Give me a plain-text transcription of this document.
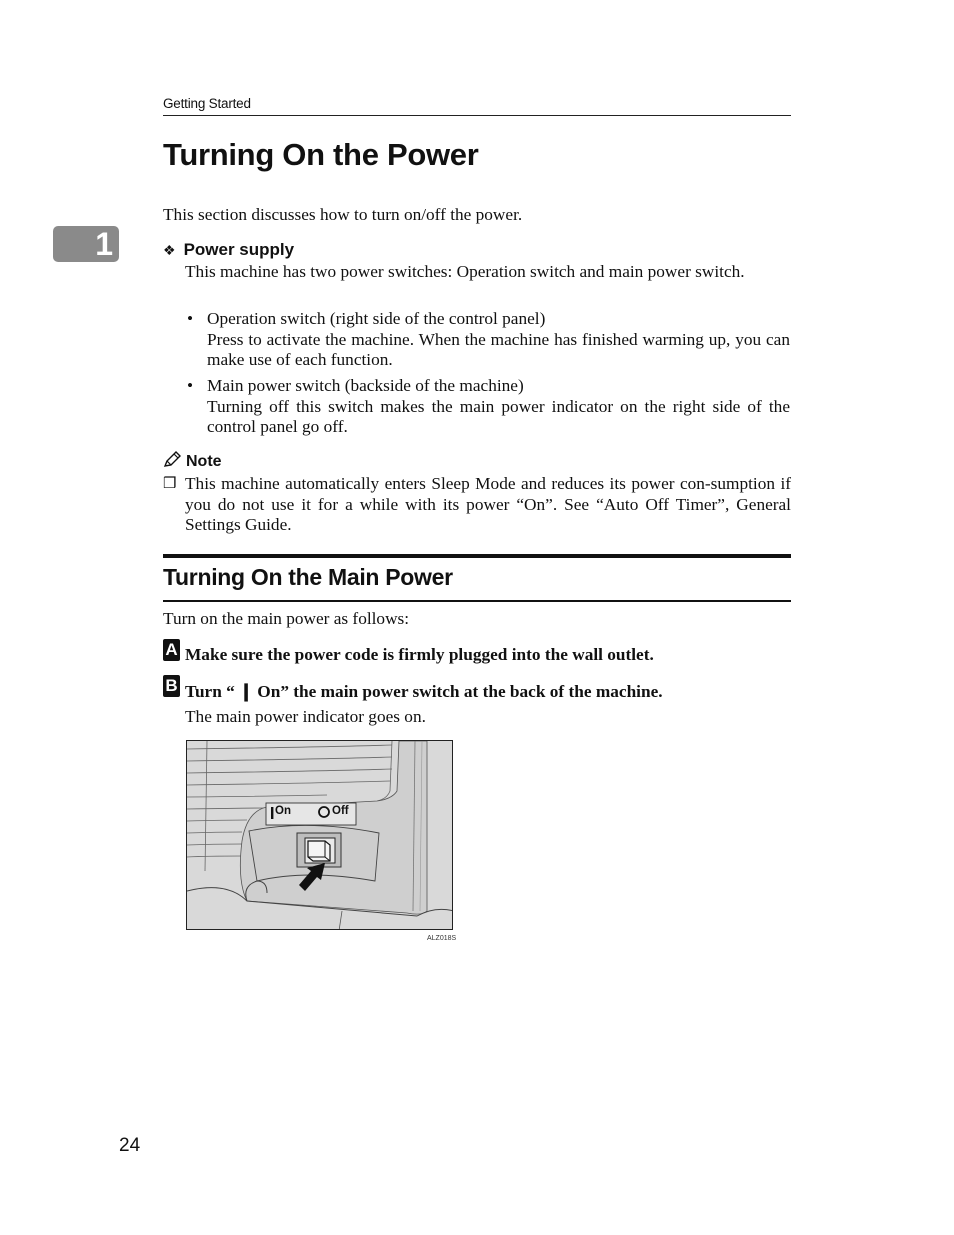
Getting Started
1
Turning On the Power
This section discusses how to turn on/off the power.
❖ Power supply
This machine has two power switches: Operation switch and main power switch.
• Operation switch (right side of the control panel)
Press to activate the machine. When the machine has finished warming up, you can make use of each function.
• Main power switch (backside of the machine)
Turning off this switch makes the main power indicator on the right side of the control panel go off.
Note
❒ This machine automatically enters Sleep Mode and reduces its power con-sumption if you do not use it for a while with its power “On”. See “Auto Off Timer”, General Settings Guide.
Turning On the Main Power
Turn on the main power as follows:
A Make sure the power code is firmly plugged into the wall outlet.
B Turn “ ❙ On” the main power switch at the back of the machine.
The main power indicator goes on.
On	Off
ALZ018S
24
